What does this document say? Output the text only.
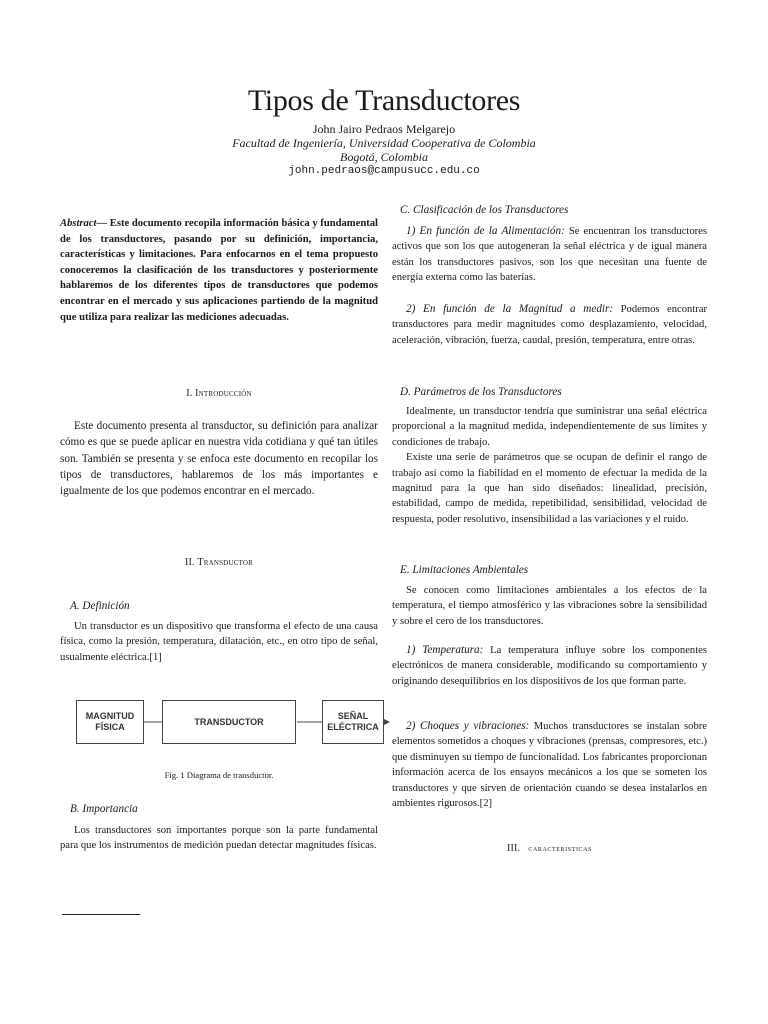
Tipos de Transductores
John Jairo Pedraos Melgarejo
Facultad de Ingeniería, Universidad Cooperativa de Colombia
Bogotá, Colombia
john.pedraos@campusucc.edu.co
Abstract— Este documento recopila información básica y fundamental de los transductores, pasando por su definición, importancia, características y limitaciones. Para enfocarnos en el tema propuesto conoceremos la clasificación de los transductores y posteriormente hablaremos de los diferentes tipos de transductores que podemos encontrar en el mercado y sus aplicaciones partiendo de la magnitud que utiliza para realizar las mediciones adecuadas.
I. Introducción

Este documento presenta al transductor, su definición para analizar cómo es que se puede aplicar en nuestra vida cotidiana y qué tan útiles son. También se presenta y se enfoca este documento en recopilar los tipos de transductores, hablaremos de los más importantes e igualmente de los que podemos encontrar en el mercado.

II. Transductor
A. Definición

Un transductor es un dispositivo que transforma el efecto de una causa física, como la presión, temperatura, dilatación, etc., en otro tipo de señal, usualmente eléctrica.[1]

MAGNITUD
FÍSICA
TRANSDUCTOR
SEÑAL
ELÉCTRICA
Fig. 1 Diagrama de transductor.
B. Importancia

Los transductores son importantes porque son la parte fundamental para que los instrumentos de medición puedan detectar magnitudes físicas.

C. Clasificación de los Transductores

1) En función de la Alimentación: Se encuentran los transductores activos que son los que autogeneran la señal eléctrica y de igual manera están los transductores pasivos, son los que necesitan una fuente de energía externa como las baterías.

2) En función de la Magnitud a medir: Podemos encontrar transductores para medir magnitudes como desplazamiento, velocidad, aceleración, vibración, fuerza, caudal, presión, temperatura, entre otras.

D. Parámetros de los Transductores

Idealmente, un transductor tendría que suministrar una señal eléctrica proporcional a la magnitud medida, independientemente de sus límites y condiciones de trabajo.

Existe una serie de parámetros que se ocupan de definir el rango de trabajo así como la fiabilidad en el momento de efectuar la medida de la magnitud para la que han sido diseñados: linealidad, precisión, estabilidad, campo de medida, repetibilidad, sensibilidad, velocidad de respuesta, poder resolutivo, insensibilidad a las variaciones y el ruido.

E. Limitaciones Ambientales

Se conocen como limitaciones ambientales a los efectos de la temperatura, el tiempo atmosférico y las vibraciones sobre la sensibilidad y sobre el cero de los transductores.

1) Temperatura: La temperatura influye sobre los componentes electrónicos de manera considerable, modificando su comportamiento y originando desequilibrios en los dispositivos de los que forman parte.

2) Choques y vibraciones: Muchos transductores se instalan sobre elementos sometidos a choques y vibraciones (prensas, compresores, etc.) que disminuyen su tiempo de funcionalidad. Los fabricantes proporcionan información acerca de los ensayos mecánicos a los que se someten los transductores y que sirven de orientación cuando se desea instalarlos en ambientes rigurosos.[2]

III. caracteristicas
